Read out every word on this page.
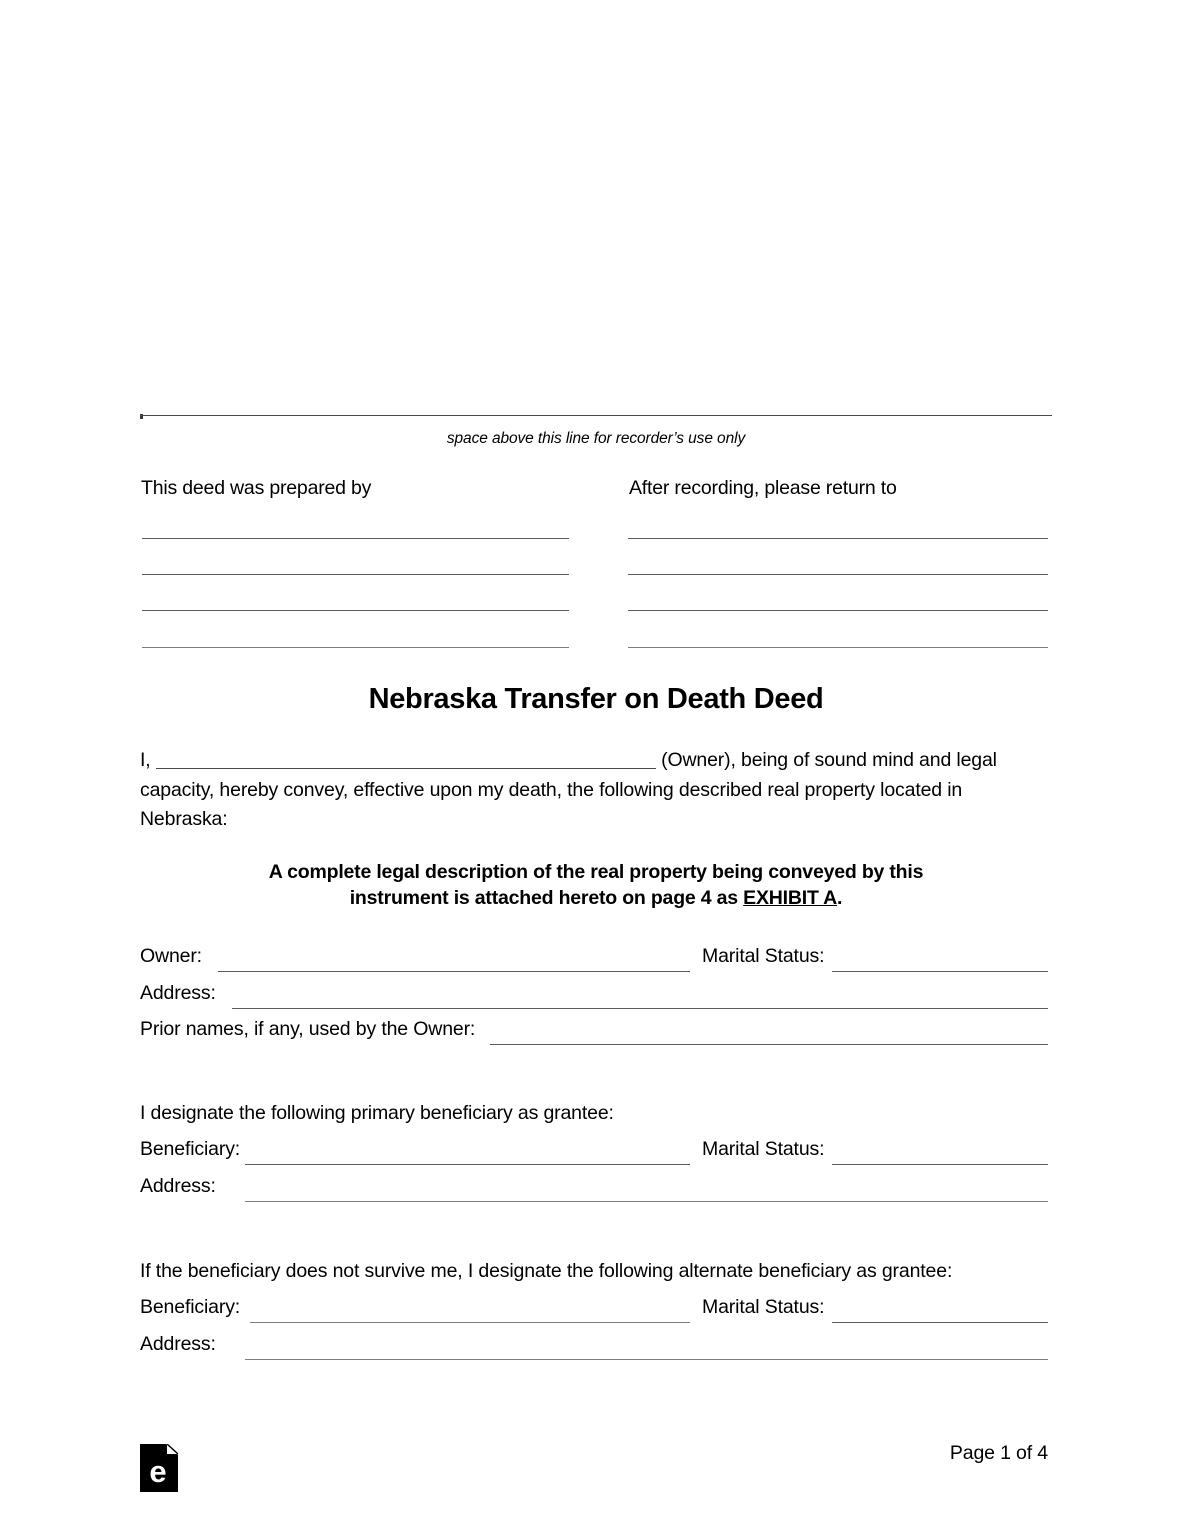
space above this line for recorder’s use only
This deed was prepared by	After recording, please return to
Nebraska Transfer on Death Deed
I,	(Owner), being of sound mind and legal capacity, hereby convey, effective upon my death, the following described real property located in Nebraska:
A complete legal description of the real property being conveyed by this
instrument is attached hereto on page 4 as EXHIBIT A.
Owner:	Marital Status:
Address:
Prior names, if any, used by the Owner:
I designate the following primary beneficiary as grantee:
Beneficiary:	Marital Status:
Address:
If the beneficiary does not survive me, I designate the following alternate beneficiary as grantee:
Beneficiary:	Marital Status:
Address:
e
Page 1 of 4
